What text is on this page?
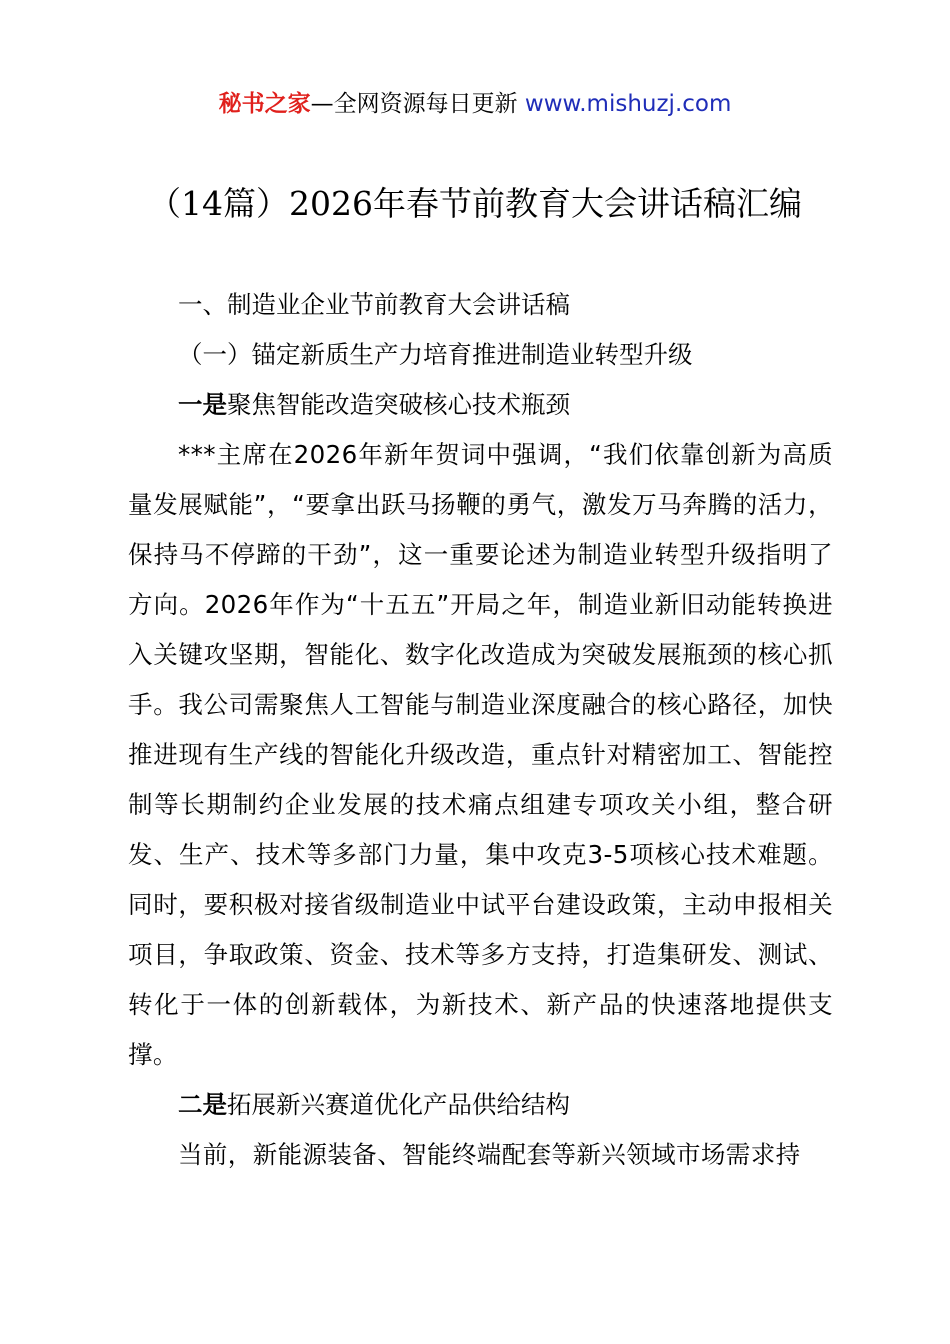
秘书之家—全网资源每日更新 www.mishuzj.com
（14篇）2026年春节前教育大会讲话稿汇编

一、制造业企业节前教育大会讲话稿

（一）锚定新质生产力培育推进制造业转型升级

一是聚焦智能改造突破核心技术瓶颈

***主席在2026年新年贺词中强调，“我们依靠创新为高质量发展赋能”，“要拿出跃马扬鞭的勇气，激发万马奔腾的活力，保持马不停蹄的干劲”，这一重要论述为制造业转型升级指明了方向。2026年作为“十五五”开局之年，制造业新旧动能转换进入关键攻坚期，智能化、数字化改造成为突破发展瓶颈的核心抓手。我公司需聚焦人工智能与制造业深度融合的核心路径，加快推进现有生产线的智能化升级改造，重点针对精密加工、智能控制等长期制约企业发展的技术痛点组建专项攻关小组，整合研发、生产、技术等多部门力量，集中攻克3-5项核心技术难题。同时，要积极对接省级制造业中试平台建设政策，主动申报相关项目，争取政策、资金、技术等多方支持，打造集研发、测试、转化于一体的创新载体，为新技术、新产品的快速落地提供支撑。

二是拓展新兴赛道优化产品供给结构

当前，新能源装备、智能终端配套等新兴领域市场需求持
